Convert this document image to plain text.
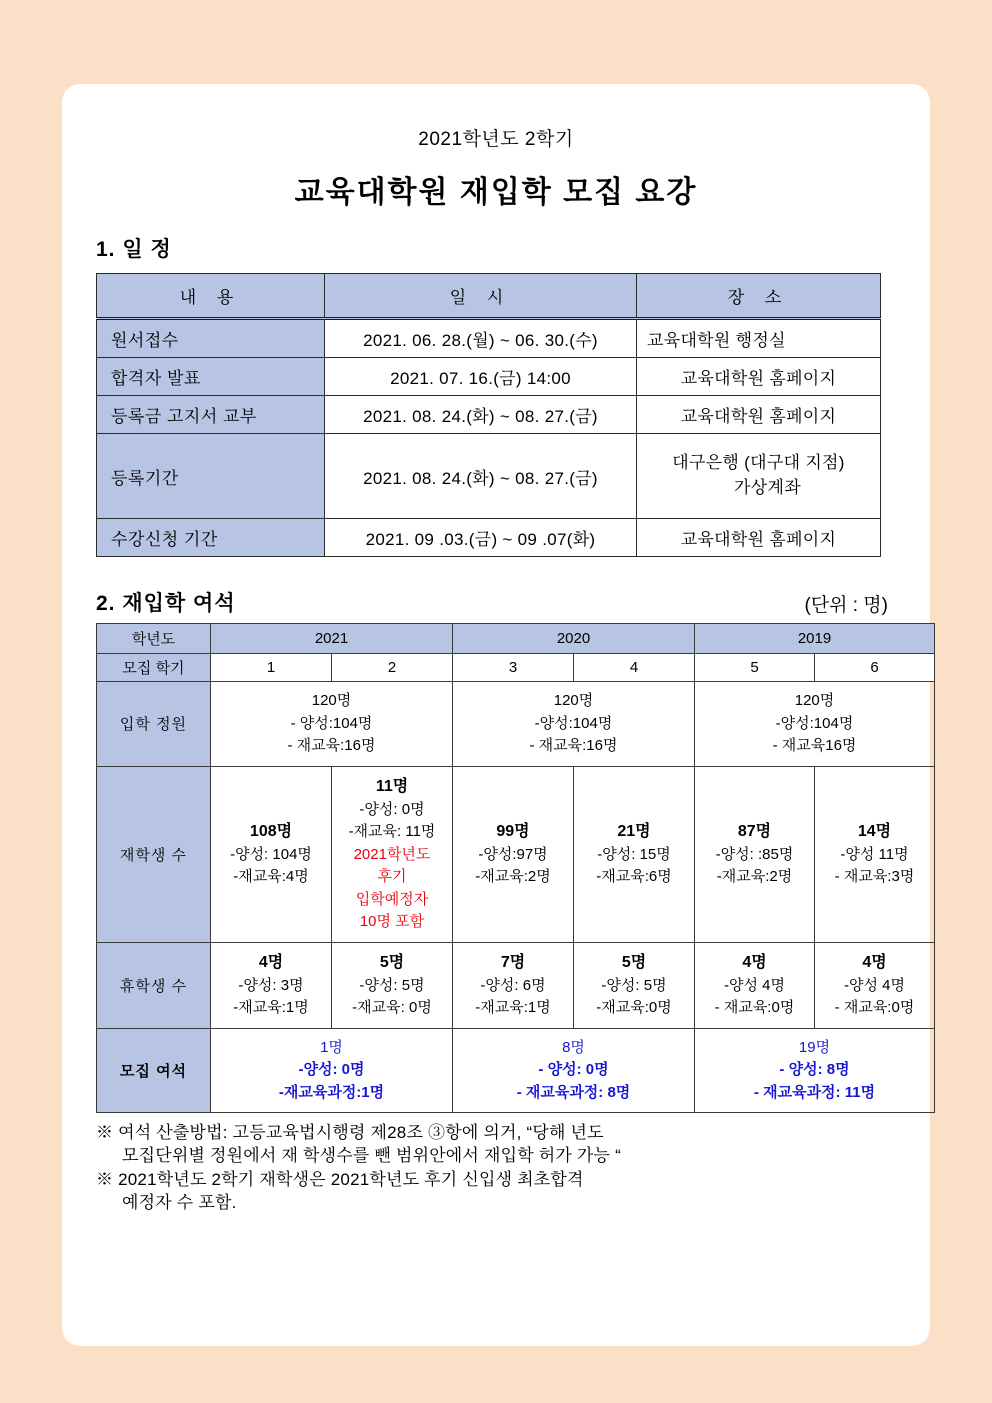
2021학년도 2학기
교육대학원 재입학 모집 요강
1. 일 정
내 용	일 시	장 소
원서접수	2021. 06. 28.(월) ~ 06. 30.(수)	교육대학원 행정실
합격자 발표	2021. 07. 16.(금) 14:00	교육대학원 홈페이지
등록금 고지서 교부	2021. 08. 24.(화) ~ 08. 27.(금)	교육대학원 홈페이지
등록기간	2021. 08. 24.(화) ~ 08. 27.(금)	대구은행 (대구대 지점)
가상계좌
수강신청 기간	2021. 09 .03.(금) ~ 09 .07(화)	교육대학원 홈페이지
2. 재입학 여석	(단위 : 명)
학년도	2021		2020		2019	
모집 학기	1	2	3	4	5	6
입학 정원	120명
- 양성:104명
- 재교육:16명		120명
-양성:104명
- 재교육:16명		120명
-양성:104명
- 재교육16명	
재학생 수	108명
-양성: 104명
-재교육:4명	11명
-양성: 0명
-재교육: 11명
2021학년도
후기
입학예정자
10명 포함	99명
-양성:97명
-재교육:2명	21명
-양성: 15명
-재교육:6명	87명
-양성: :85명
-재교육:2명	14명
-양성 11명
- 재교육:3명
휴학생 수	4명
-양성: 3명
-재교육:1명	5명
-양성: 5명
-재교육: 0명	7명
-양성: 6명
-재교육:1명	5명
-양성: 5명
-재교육:0명	4명
-양성 4명
- 재교육:0명	4명
-양성 4명
- 재교육:0명
모집 여석	1명
-양성: 0명
-재교육과정:1명		8명
- 양성: 0명
- 재교육과정: 8명		19명
- 양성: 8명
- 재교육과정: 11명	
※ 여석 산출방법: 고등교육법시행령 제28조 ③항에 의거, “당해 년도
모집단위별 정원에서 재 학생수를 뺀 범위안에서 재입학 허가 가능 “
※ 2021학년도 2학기 재학생은 2021학년도 후기 신입생 최초합격
예정자 수 포함.
